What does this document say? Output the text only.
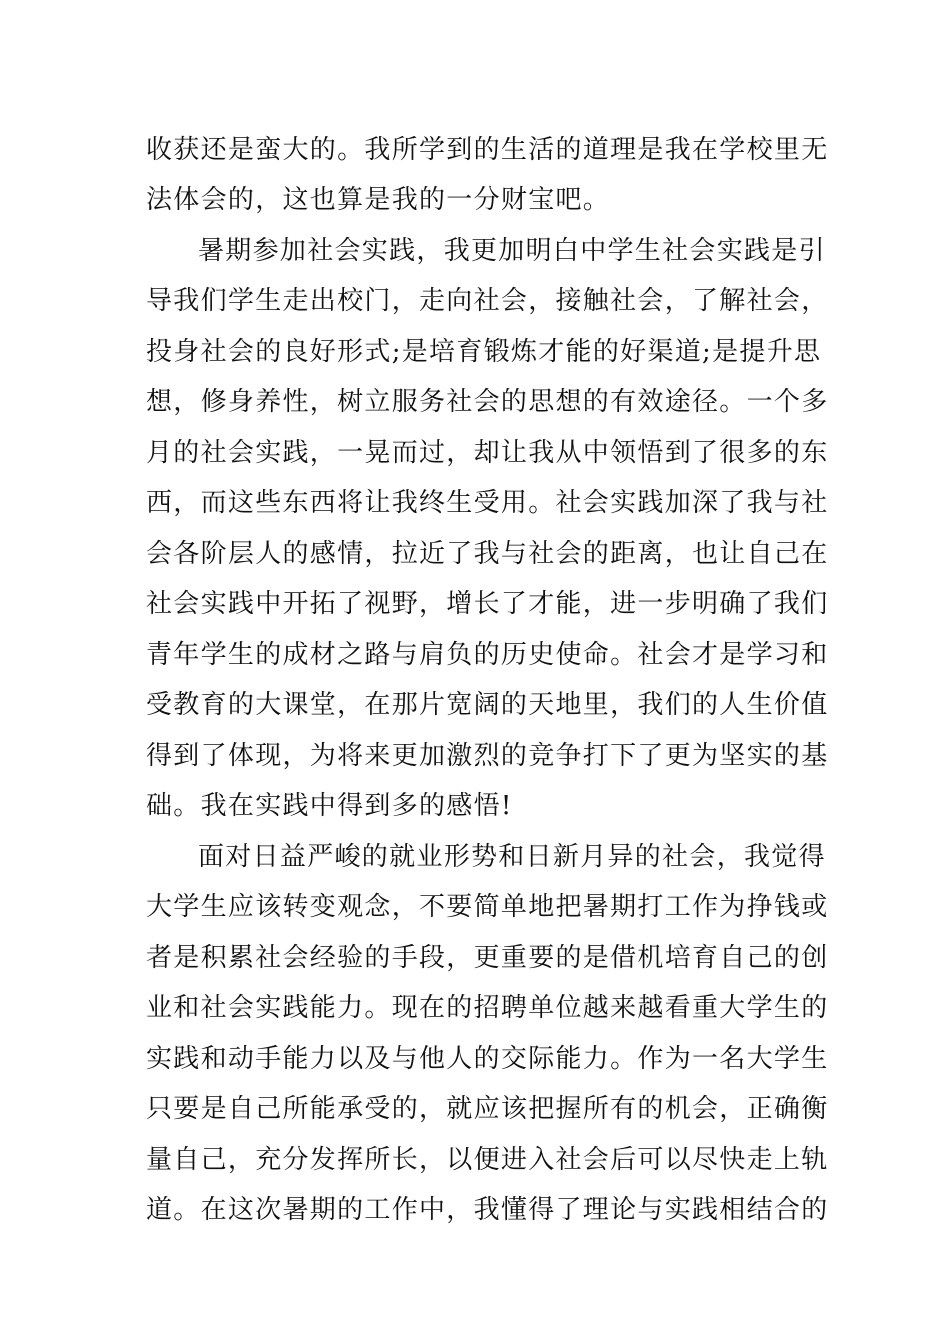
收获还是蛮大的。我所学到的生活的道理是我在学校里无
法体会的，这也算是我的一分财宝吧。
暑期参加社会实践，我更加明白中学生社会实践是引
导我们学生走出校门，走向社会，接触社会，了解社会，
投身社会的良好形式;是培育锻炼才能的好渠道;是提升思
想，修身养性，树立服务社会的思想的有效途径。一个多
月的社会实践，一晃而过，却让我从中领悟到了很多的东
西，而这些东西将让我终生受用。社会实践加深了我与社
会各阶层人的感情，拉近了我与社会的距离，也让自己在
社会实践中开拓了视野，增长了才能，进一步明确了我们
青年学生的成材之路与肩负的历史使命。社会才是学习和
受教育的大课堂，在那片宽阔的天地里，我们的人生价值
得到了体现，为将来更加激烈的竞争打下了更为坚实的基
础。我在实践中得到多的感悟!
面对日益严峻的就业形势和日新月异的社会，我觉得
大学生应该转变观念，不要简单地把暑期打工作为挣钱或
者是积累社会经验的手段，更重要的是借机培育自己的创
业和社会实践能力。现在的招聘单位越来越看重大学生的
实践和动手能力以及与他人的交际能力。作为一名大学生
只要是自己所能承受的，就应该把握所有的机会，正确衡
量自己，充分发挥所长，以便进入社会后可以尽快走上轨
道。在这次暑期的工作中，我懂得了理论与实践相结合的
